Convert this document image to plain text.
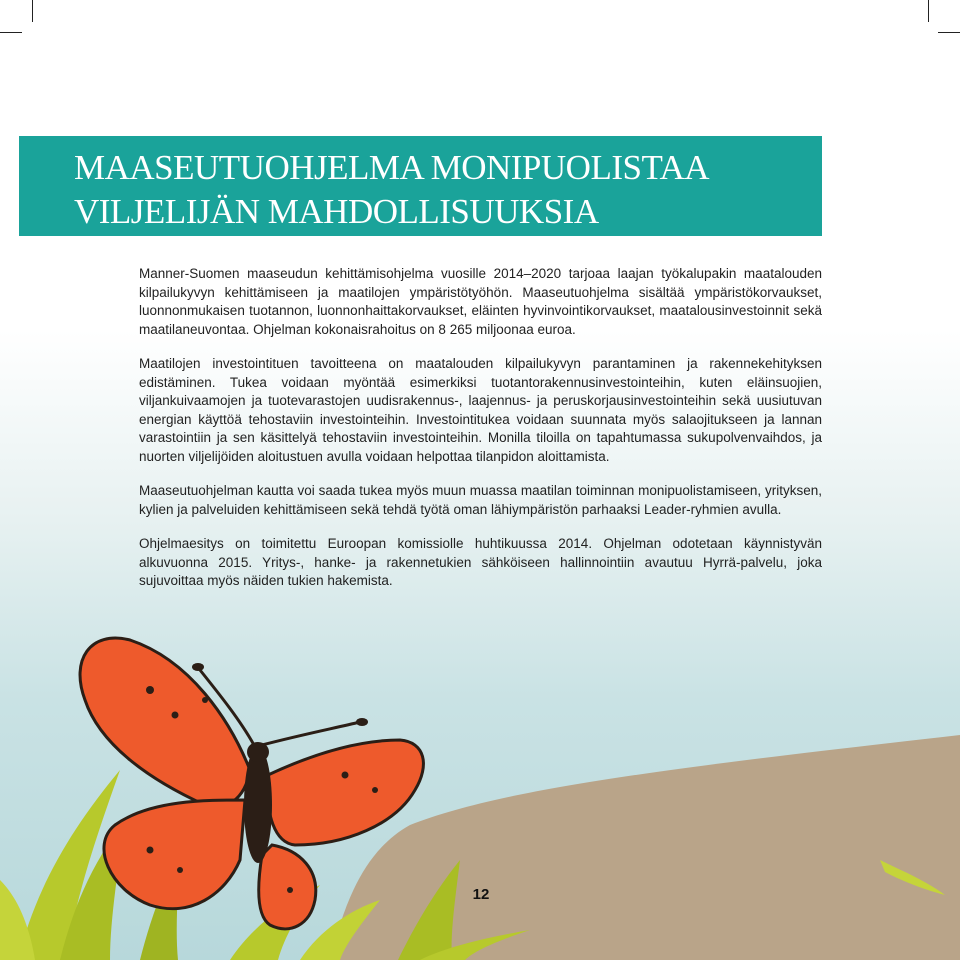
MAASEUTUOHJELMA MONIPUOLISTAA
VILJELIJÄN MAHDOLLISUUKSIA

Manner-Suomen maaseudun kehittämisohjelma vuosille 2014–2020 tarjoaa laajan työkalupakin maatalouden kilpailukyvyn kehittämiseen ja maatilojen ympäristötyöhön. Maaseutuohjelma sisältää ympäristökorvaukset, luonnonmukaisen tuotannon, luonnonhaittakorvaukset, eläinten hyvinvointikorvaukset, maatalousinvestoinnit sekä maatilaneuvontaa. Ohjelman kokonaisrahoitus on 8 265 miljoonaa euroa.

Maatilojen investointituen tavoitteena on maatalouden kilpailukyvyn parantaminen ja rakennekehityksen edistäminen. Tukea voidaan myöntää esimerkiksi tuotantorakennusinvestointeihin, kuten eläinsuojien, viljankuivaamojen ja tuotevarastojen uudisrakennus-, laajennus- ja peruskorjausinvestointeihin sekä uusiutuvan energian käyttöä tehostaviin investointeihin. Investointitukea voidaan suunnata myös salaojitukseen ja lannan varastointiin ja sen käsittelyä tehostaviin investointeihin. Monilla tiloilla on tapahtumassa sukupolvenvaihdos, ja nuorten viljelijöiden aloitustuen avulla voidaan helpottaa tilanpidon aloittamista.

Maaseutuohjelman kautta voi saada tukea myös muun muassa maatilan toiminnan monipuolistamiseen, yrityksen, kylien ja palveluiden kehittämiseen sekä tehdä työtä oman lähiympäristön parhaaksi Leader-ryhmien avulla.

Ohjelmaesitys on toimitettu Euroopan komissiolle huhtikuussa 2014. Ohjelman odotetaan käynnistyvän alkuvuonna 2015. Yritys-, hanke- ja rakennetukien sähköiseen hallinnointiin avautuu Hyrrä-palvelu, joka sujuvoittaa myös näiden tukien hakemista.

12
